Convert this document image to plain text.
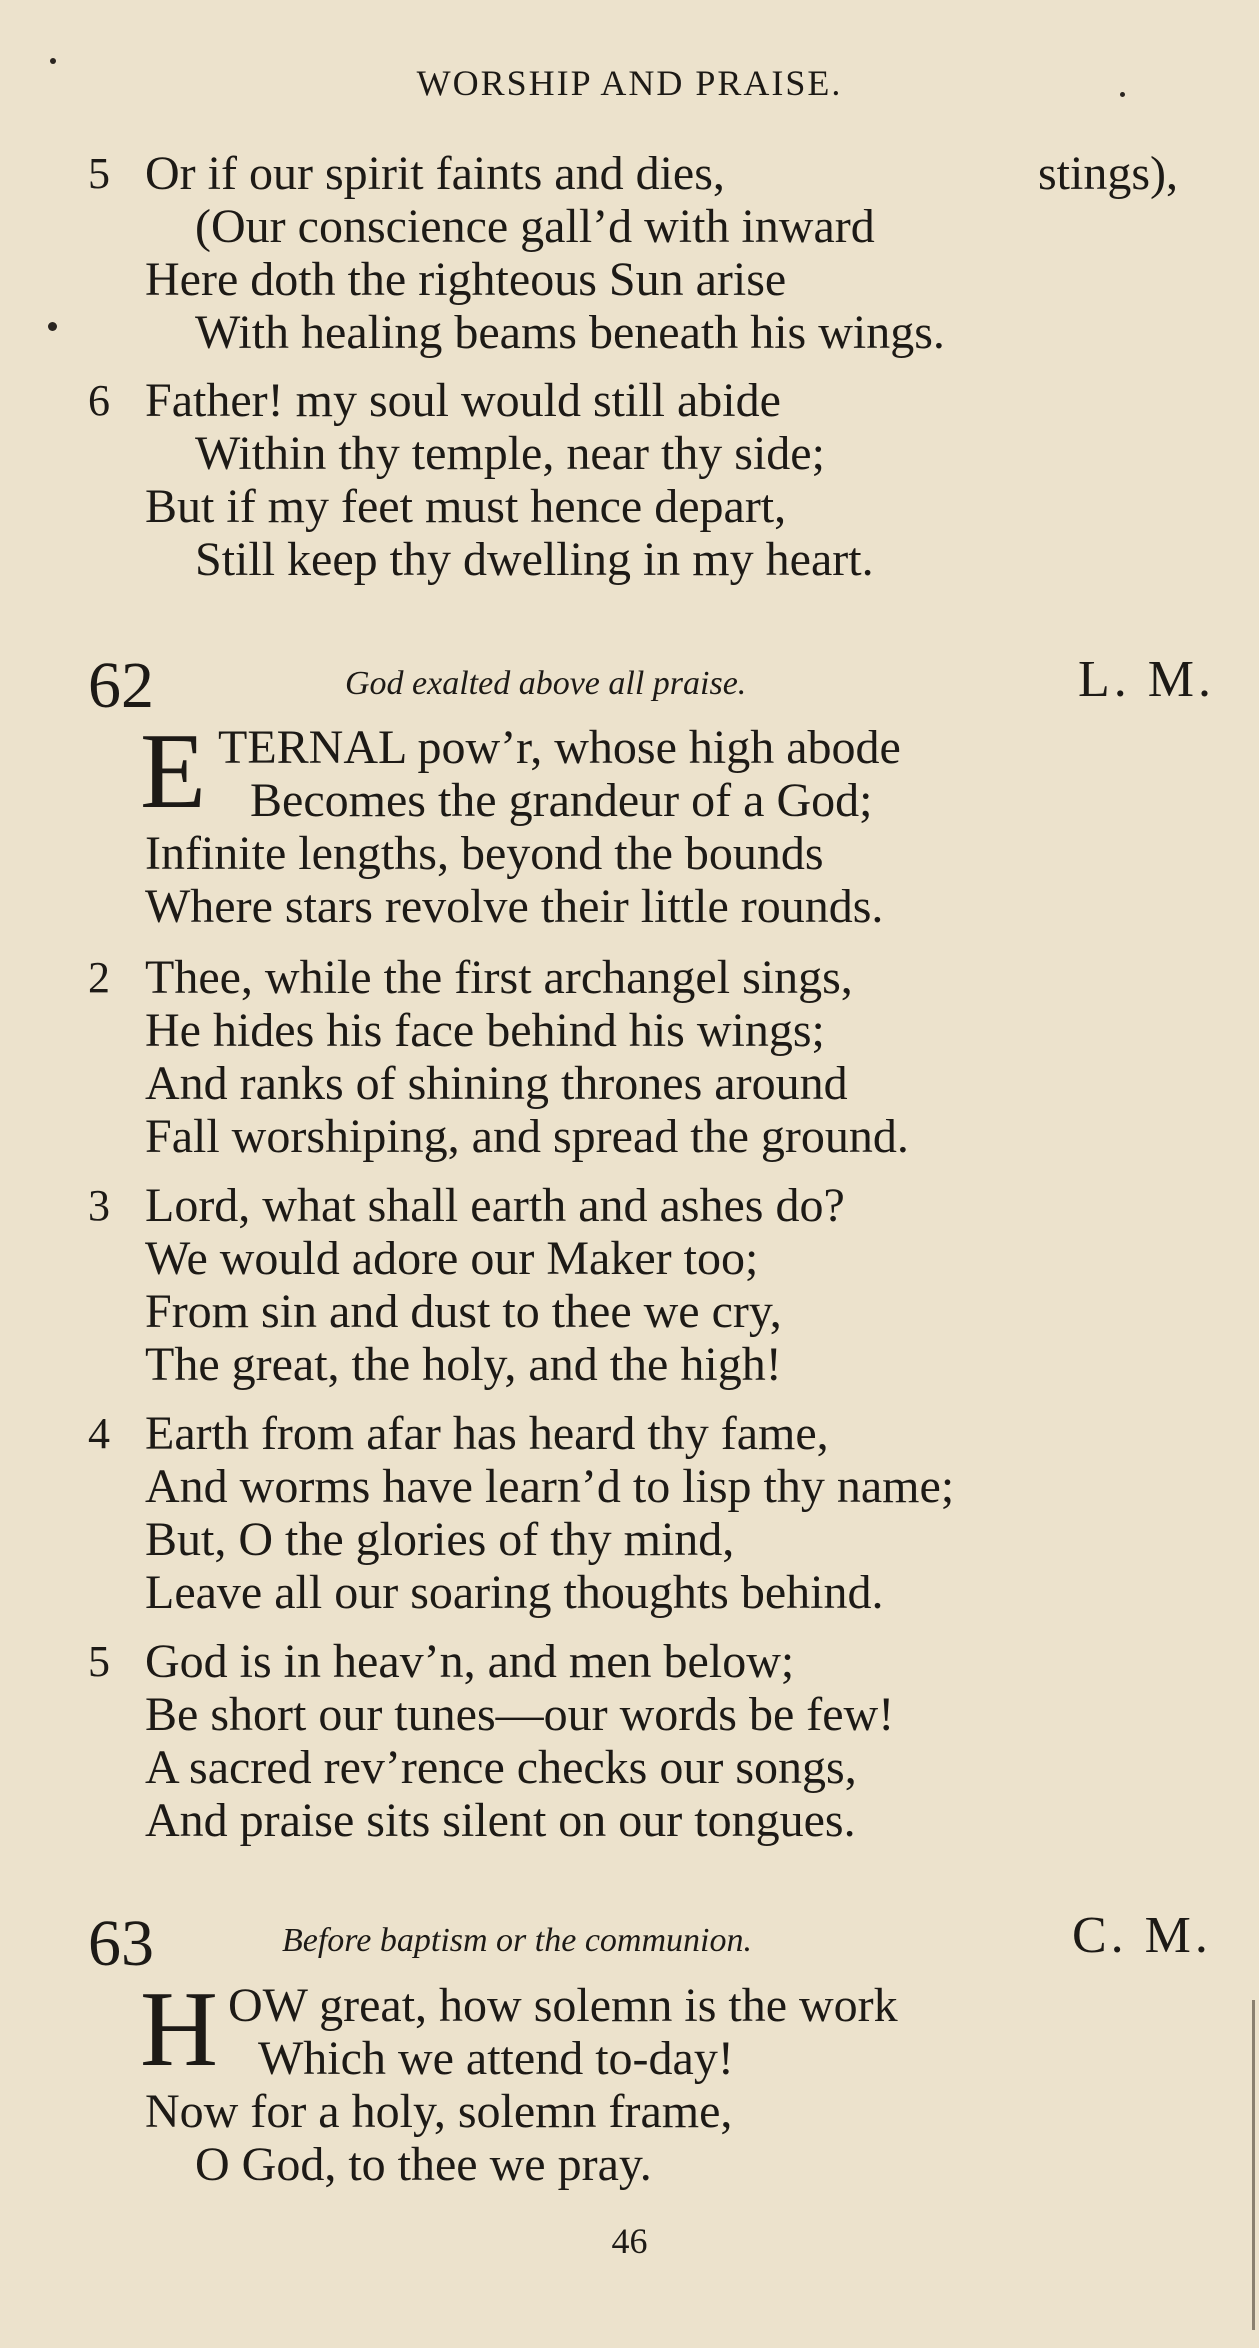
WORSHIP AND PRAISE.
5 Or if our spirit faints and dies,	stings),
(Our conscience gall’d with inward
Here doth the righteous Sun arise
With healing beams beneath his wings.
6 Father! my soul would still abide
Within thy temple, near thy side;
But if my feet must hence depart,
Still keep thy dwelling in my heart.
62	God exalted above all praise.	L. M.
E TERNAL pow’r, whose high abode
Becomes the grandeur of a God;
Infinite lengths, beyond the bounds
Where stars revolve their little rounds.
2 Thee, while the first archangel sings,
He hides his face behind his wings;
And ranks of shining thrones around
Fall worshiping, and spread the ground.
3 Lord, what shall earth and ashes do?
We would adore our Maker too;
From sin and dust to thee we cry,
The great, the holy, and the high!
4 Earth from afar has heard thy fame,
And worms have learn’d to lisp thy name;
But, O the glories of thy mind,
Leave all our soaring thoughts behind.
5 God is in heav’n, and men below;
Be short our tunes—our words be few!
A sacred rev’rence checks our songs,
And praise sits silent on our tongues.
63	Before baptism or the communion.	C. M.
H OW great, how solemn is the work
Which we attend to-day!
Now for a holy, solemn frame,
O God, to thee we pray.
46
